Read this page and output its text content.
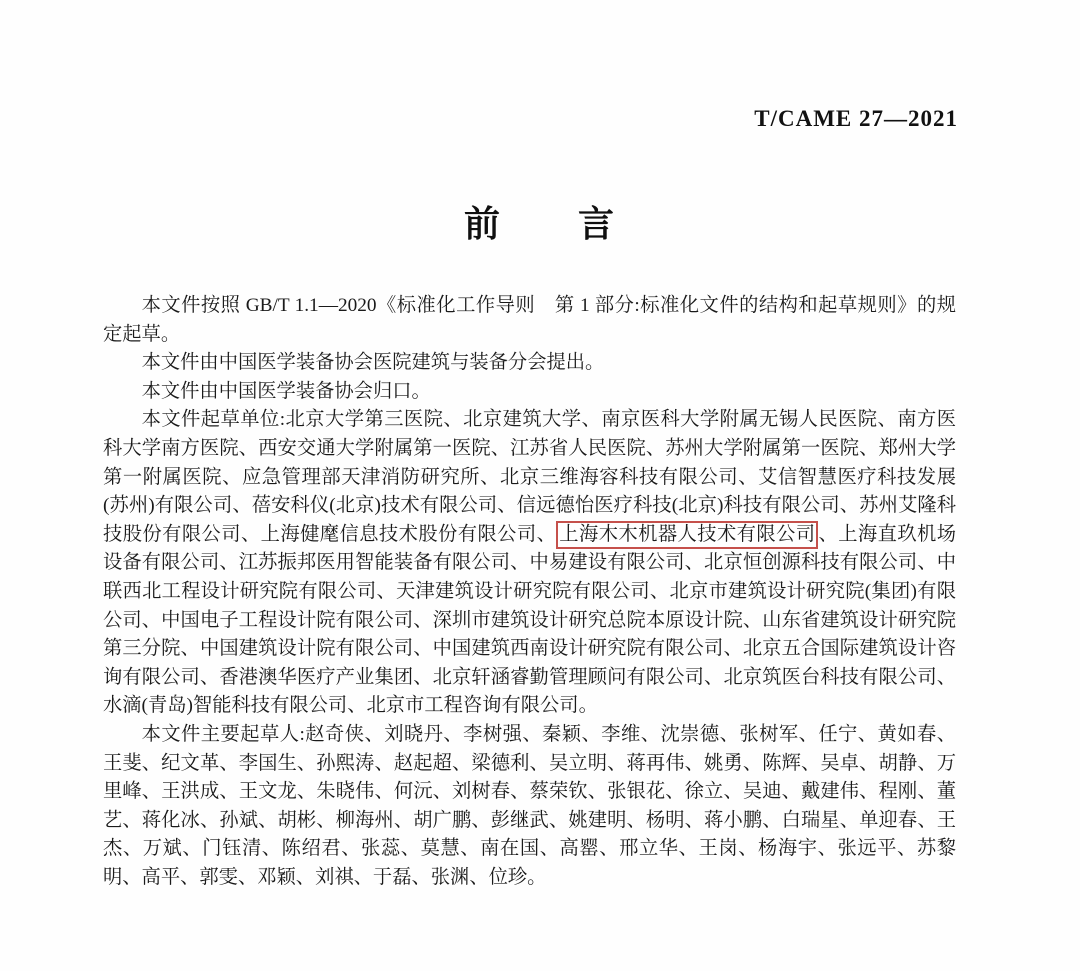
T/CAME 27—2021
前　　言

本文件按照 GB/T 1.1—2020《标准化工作导则　第 1 部分:标准化文件的结构和起草规则》的规定起草。

本文件由中国医学装备协会医院建筑与装备分会提出。

本文件由中国医学装备协会归口。

本文件起草单位:北京大学第三医院、北京建筑大学、南京医科大学附属无锡人民医院、南方医科大学南方医院、西安交通大学附属第一医院、江苏省人民医院、苏州大学附属第一医院、郑州大学第一附属医院、应急管理部天津消防研究所、北京三维海容科技有限公司、艾信智慧医疗科技发展(苏州)有限公司、蓓安科仪(北京)技术有限公司、信远德怡医疗科技(北京)科技有限公司、苏州艾隆科技股份有限公司、上海健麾信息技术股份有限公司、 上海木木机器人技术有限公司 、上海直玖机场设备有限公司、江苏振邦医用智能装备有限公司、中易建设有限公司、北京恒创源科技有限公司、中联西北工程设计研究院有限公司、天津建筑设计研究院有限公司、北京市建筑设计研究院(集团)有限公司、中国电子工程设计院有限公司、深圳市建筑设计研究总院本原设计院、山东省建筑设计研究院第三分院、中国建筑设计院有限公司、中国建筑西南设计研究院有限公司、北京五合国际建筑设计咨询有限公司、香港澳华医疗产业集团、北京轩涵睿勤管理顾问有限公司、北京筑医台科技有限公司、水滴(青岛)智能科技有限公司、北京市工程咨询有限公司。

本文件主要起草人:赵奇侠、刘晓丹、李树强、秦颖、李维、沈崇德、张树军、任宁、黄如春、王斐、纪文革、李国生、孙熙涛、赵起超、梁德利、吴立明、蒋再伟、姚勇、陈辉、吴卓、胡静、万里峰、王洪成、王文龙、朱晓伟、何沅、刘树春、蔡荣钦、张银花、徐立、吴迪、戴建伟、程刚、董艺、蒋化冰、孙斌、胡彬、柳海州、胡广鹏、彭继武、姚建明、杨明、蒋小鹏、白瑞星、单迎春、王杰、万斌、门钰清、陈绍君、张蕊、莫慧、南在国、高罂、邢立华、王岗、杨海宇、张远平、苏黎明、高平、郭雯、邓颖、刘祺、于磊、张渊、位珍。
